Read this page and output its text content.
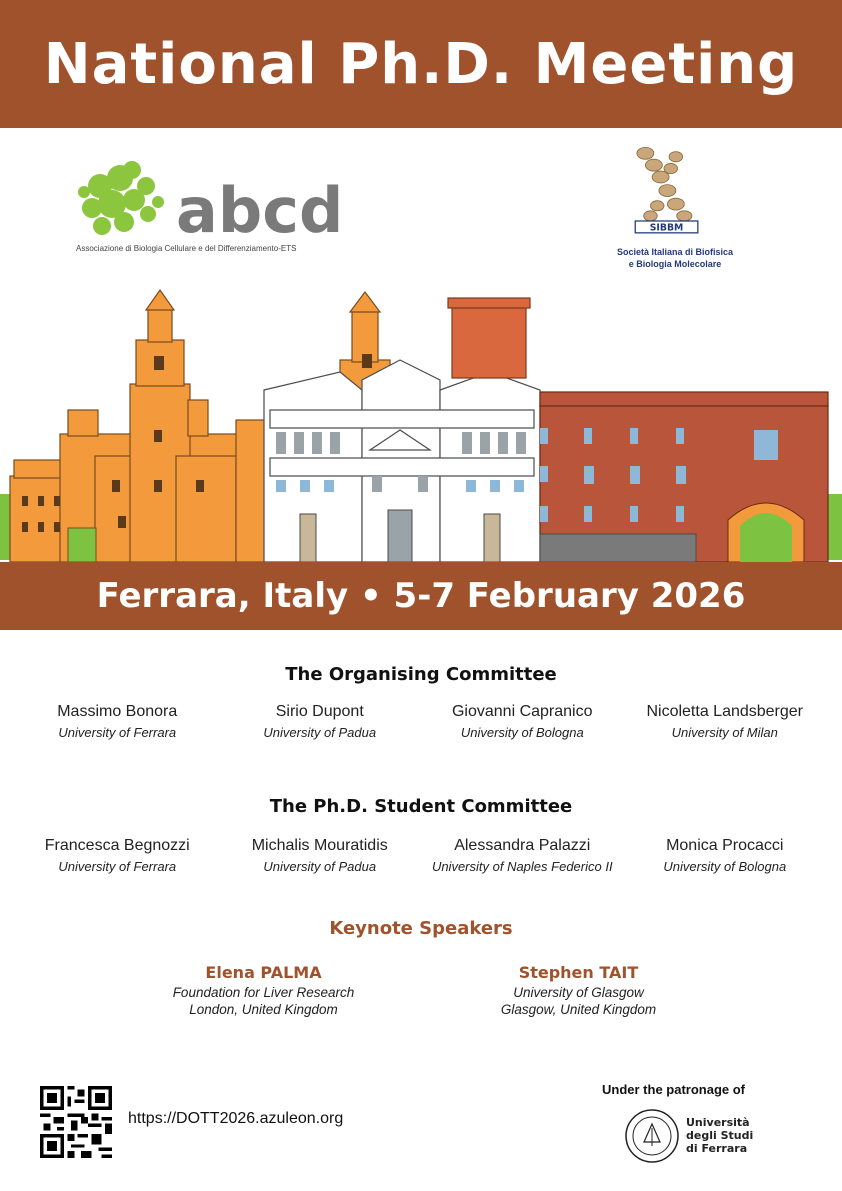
National Ph.D. Meeting
abcd
Associazione di Biologia Cellulare e del Differenziamento-ETS
SIBBM
Società Italiana di Biofisica
e Biologia Molecolare
Ferrara, Italy • 5-7 February 2026
The Organising Committee
Massimo Bonora
University of Ferrara
Sirio Dupont
University of Padua
Giovanni Capranico
University of Bologna
Nicoletta Landsberger
University of Milan
The Ph.D. Student Committee
Francesca Begnozzi
University of Ferrara
Michalis Mouratidis
University of Padua
Alessandra Palazzi
University of Naples Federico II
Monica Procacci
University of Bologna
Keynote Speakers
Elena PALMA
Foundation for Liver Research
London, United Kingdom
Stephen TAIT
University of Glasgow
Glasgow, United Kingdom
https://DOTT2026.azuleon.org
Under the patronage of
Università
degli Studi
di Ferrara
